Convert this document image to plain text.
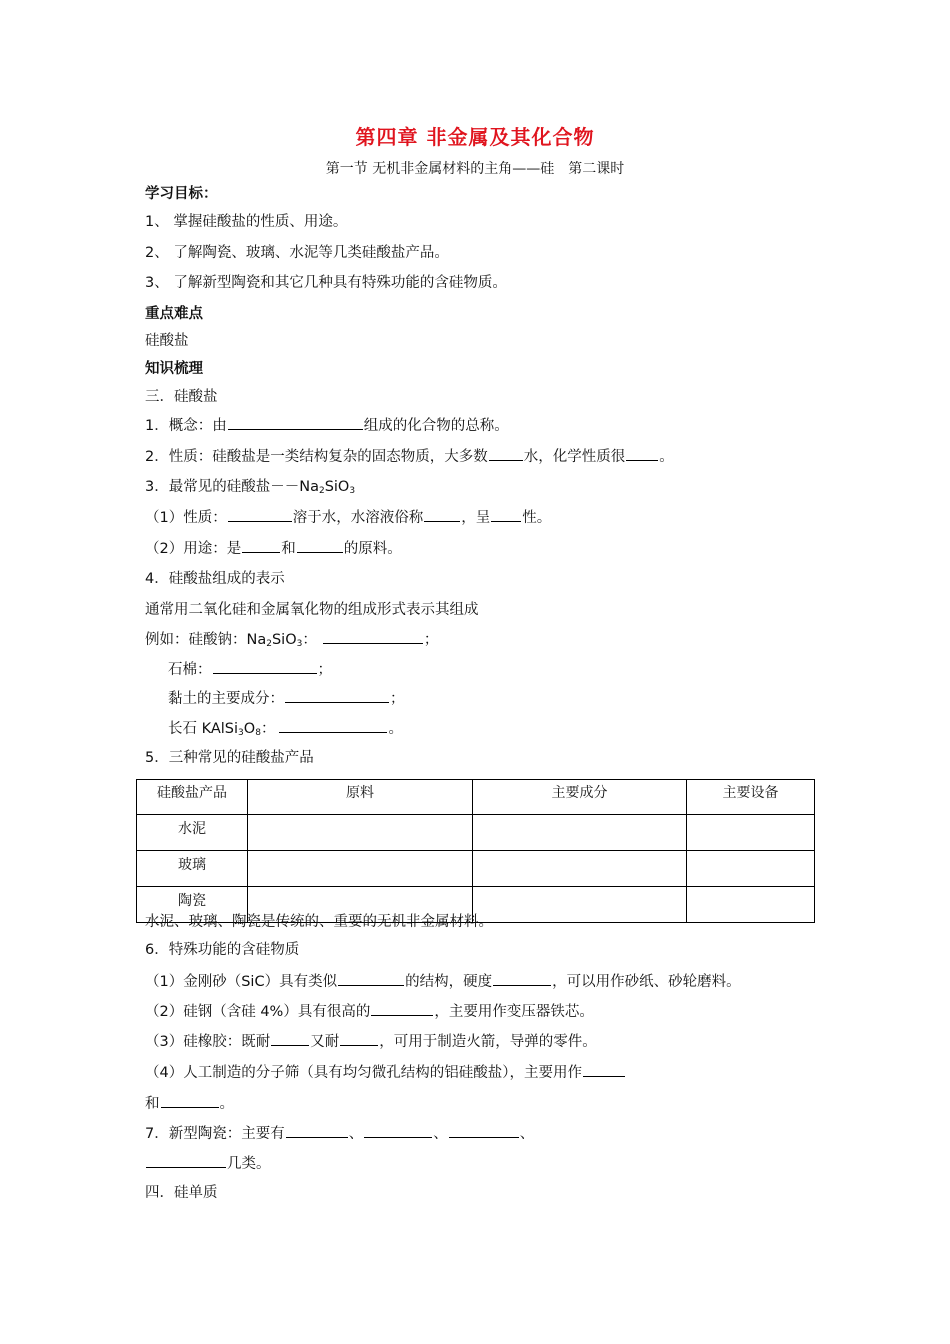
第四章 非金属及其化合物
第一节 无机非金属材料的主角——硅　第二课时
学习目标：
1、 掌握硅酸盐的性质、用途。
2、 了解陶瓷、玻璃、水泥等几类硅酸盐产品。
3、 了解新型陶瓷和其它几种具有特殊功能的含硅物质。
重点难点
硅酸盐
知识梳理
三．硅酸盐
1．概念：由	组成的化合物的总称。
2．性质：硅酸盐是一类结构复杂的固态物质，大多数 水，化学性质很 。
3．最常见的硅酸盐$--Na_2SiO_3$
（1）性质：	溶于水，水溶液俗称	，呈 性。
（2）用途：是	和	的原料。
4．硅酸盐组成的表示
通常用二氧化硅和金属氧化物的组成形式表示其组成
例如：硅酸钠：$Na_2SiO_3$：	；
石棉：	；
黏土的主要成分：	；
长石 $KAlSi_3O_8$：	。
5．三种常见的硅酸盐产品
硅酸盐产品	原料	主要成分	主要设备
水泥			
玻璃			
陶瓷			
水泥、玻璃、陶瓷是传统的、重要的无机非金属材料。
6．特殊功能的含硅物质
（1）金刚砂（SiC）具有类似	的结构，硬度	，可以用作砂纸、砂轮磨料。
（2）硅钢（含硅 4%）具有很高的	，主要用作变压器铁芯。
（3）硅橡胶：既耐	又耐	，可用于制造火箭，导弹的零件。
（4）人工制造的分子筛（具有均匀微孔结构的铝硅酸盐），主要用作
和	。
7．新型陶瓷：主要有	、	、	、
几类。
四．硅单质
